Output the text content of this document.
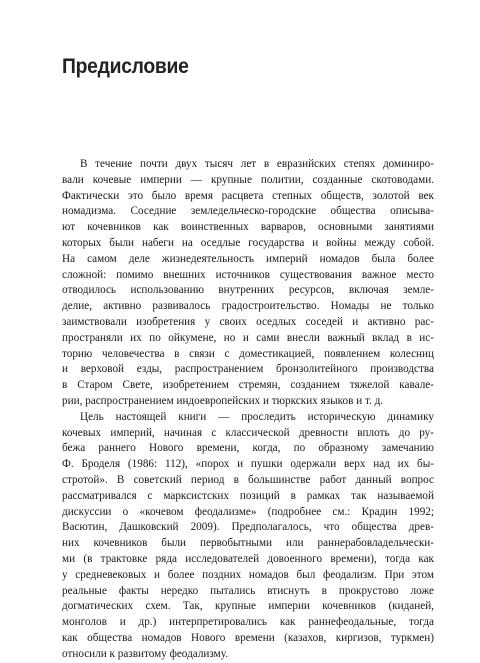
Предисловие
В течение почти двух тысяч лет в евразийских степях доминиро-
вали кочевые империи — крупные политии, созданные скотоводами.
Фактически это было время расцвета степных обществ, золотой век
номадизма. Соседние земледельческо-городские общества описыва-
ют кочевников как воинственных варваров, основными занятиями
которых были набеги на оседлые государства и войны между собой.
На самом деле жизнедеятельность империй номадов была более
сложной: помимо внешних источников существования важное место
отводилось использованию внутренних ресурсов, включая земле-
делие, активно развивалось градостроительство. Номады не только
заимствовали изобретения у своих оседлых соседей и активно рас-
пространяли их по ойкумене, но и сами внесли важный вклад в ис-
торию человечества в связи с доместикацией, появлением колесниц
и верховой езды, распространением бронзолитейного производства
в Старом Свете, изобретением стремян, созданием тяжелой кавале-
рии, распространением индоевропейских и тюркских языков и т. д.
Цель настоящей книги — проследить историческую динамику
кочевых империй, начиная с классической древности вплоть до ру-
бежа раннего Нового времени, когда, по образному замечанию
Ф. Броделя (1986: 112), «порох и пушки одержали верх над их бы-
стротой». В советский период в большинстве работ данный вопрос
рассматривался с марксистских позиций в рамках так называемой
дискуссии о «кочевом феодализме» (подробнее см.: Крадин 1992;
Васютин, Дашковский 2009). Предполагалось, что общества древ-
них кочевников были первобытными или раннерабовладельчески-
ми (в трактовке ряда исследователей довоенного времени), тогда как
у средневековых и более поздних номадов был феодализм. При этом
реальные факты нередко пытались втиснуть в прокрустово ложе
догматических схем. Так, крупные империи кочевников (киданей,
монголов и др.) интерпретировались как раннефеодальные, тогда
как общества номадов Нового времени (казахов, киргизов, туркмен)
относили к развитому феодализму.
